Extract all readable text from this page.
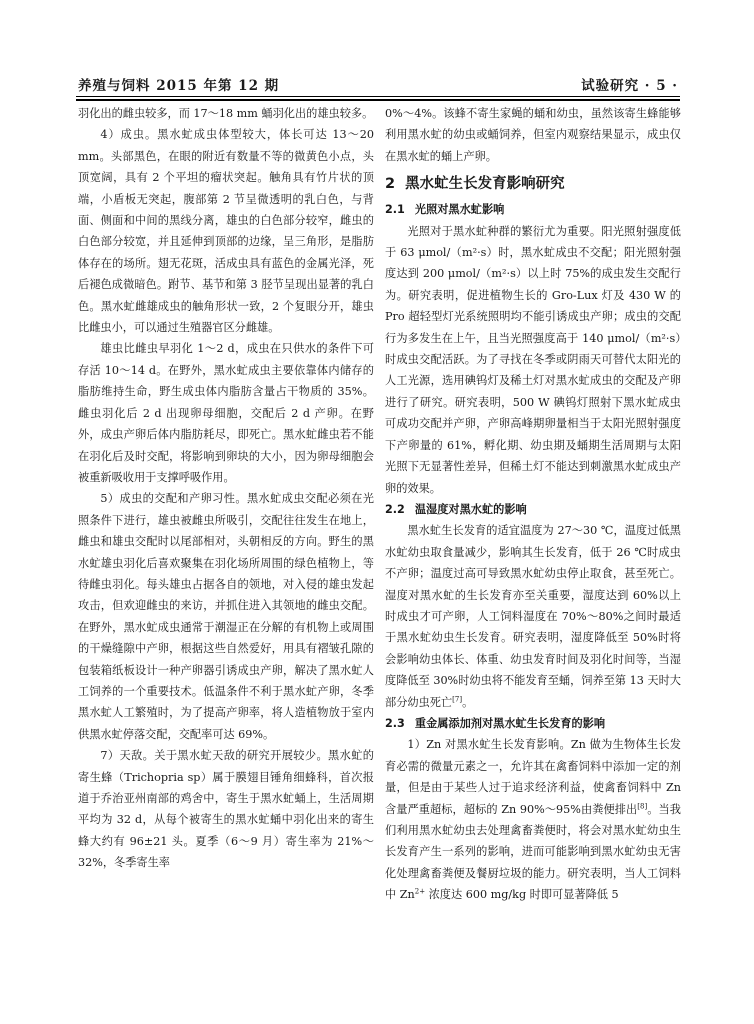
养殖与饲料 2015 年第 12 期	试验研究 · 5 ·

羽化出的雌虫较多，而 17～18 mm 蛹羽化出的雄虫较多。

4）成虫。黑水虻成虫体型较大，体长可达 13～20 mm。头部黑色，在眼的附近有数量不等的微黄色小点，头顶宽阔，具有 2 个平坦的瘤状突起。触角具有竹片状的顶端，小盾板无突起，腹部第 2 节呈微透明的乳白色，与背面、侧面和中间的黑线分离，雄虫的白色部分较窄，雌虫的白色部分较宽，并且延伸到顶部的边缘，呈三角形，是脂肪体存在的场所。翅无花斑，活成虫具有蓝色的金属光泽，死后褪色成微暗色。跗节、基节和第 3 胫节呈现出显著的乳白色。黑水虻雌雄成虫的触角形状一致，2 个复眼分开，雄虫比雌虫小，可以通过生殖器官区分雌雄。

雄虫比雌虫早羽化 1～2 d，成虫在只供水的条件下可存活 10～14 d。在野外，黑水虻成虫主要依靠体内储存的脂肪维持生命，野生成虫体内脂肪含量占干物质的 35%。雌虫羽化后 2 d 出现卵母细胞，交配后 2 d 产卵。在野外，成虫产卵后体内脂肪耗尽，即死亡。黑水虻雌虫若不能在羽化后及时交配，将影响到卵块的大小，因为卵母细胞会被重新吸收用于支撑呼吸作用。

5）成虫的交配和产卵习性。黑水虻成虫交配必须在光照条件下进行，雄虫被雌虫所吸引，交配往往发生在地上，雌虫和雄虫交配时以尾部相对，头朝相反的方向。野生的黑水虻雄虫羽化后喜欢聚集在羽化场所周围的绿色植物上，等待雌虫羽化。每头雄虫占据各自的领地，对入侵的雄虫发起攻击，但欢迎雌虫的来访，并抓住进入其领地的雌虫交配。在野外，黑水虻成虫通常于潮湿正在分解的有机物上或周围的干燥缝隙中产卵，根据这些自然爱好，用具有褶皱孔隙的包装箱纸板设计一种产卵器引诱成虫产卵，解决了黑水虻人工饲养的一个重要技术。低温条件不利于黑水虻产卵，冬季黑水虻人工繁殖时，为了提高产卵率，将人造植物放于室内供黑水虻停落交配，交配率可达 69%。

7）天敌。关于黑水虻天敌的研究开展较少。黑水虻的寄生蜂（Trichopria sp）属于膜翅目锤角细蜂科，首次报道于乔治亚州南部的鸡舍中，寄生于黑水虻蛹上，生活周期平均为 32 d，从每个被寄生的黑水虻蛹中羽化出来的寄生蜂大约有 96±21 头。夏季（6～9 月）寄生率为 21%～32%，冬季寄生率

0%～4%。该蜂不寄生家蝇的蛹和幼虫，虽然该寄生蜂能够利用黑水虻的幼虫或蛹饲养，但室内观察结果显示，成虫仅在黑水虻的蛹上产卵。

2 黑水虻生长发育影响研究
2.1 光照对黑水虻影响

光照对于黑水虻种群的繁衍尤为重要。阳光照射强度低于 63 μmol/（m²·s）时，黑水虻成虫不交配；阳光照射强度达到 200 μmol/（m²·s）以上时 75%的成虫发生交配行为。研究表明，促进植物生长的 Gro-Lux 灯及 430 W 的 Pro 超轻型灯光系统照明均不能引诱成虫产卵；成虫的交配行为多发生在上午，且当光照强度高于 140 μmol/（m²·s）时成虫交配活跃。为了寻找在冬季或阴雨天可替代太阳光的人工光源，选用碘钨灯及稀土灯对黑水虻成虫的交配及产卵进行了研究。研究表明，500 W 碘钨灯照射下黑水虻成虫可成功交配并产卵，产卵高峰期卵量相当于太阳光照射强度下产卵量的 61%，孵化期、幼虫期及蛹期生活周期与太阳光照下无显著性差异，但稀土灯不能达到刺激黑水虻成虫产卵的效果。

2.2 温湿度对黑水虻的影响

黑水虻生长发育的适宜温度为 27～30 ℃，温度过低黑水虻幼虫取食量减少，影响其生长发育，低于 26 ℃时成虫不产卵；温度过高可导致黑水虻幼虫停止取食，甚至死亡。湿度对黑水虻的生长发育亦至关重要，湿度达到 60%以上时成虫才可产卵，人工饲料湿度在 70%～80%之间时最适于黑水虻幼虫生长发育。研究表明，湿度降低至 50%时将会影响幼虫体长、体重、幼虫发育时间及羽化时间等，当湿度降低至 30%时幼虫将不能发育至蛹，饲养至第 13 天时大部分幼虫死亡[7]。

2.3 重金属添加剂对黑水虻生长发育的影响

1）Zn 对黑水虻生长发育影响。Zn 做为生物体生长发育必需的微量元素之一，允许其在禽畜饲料中添加一定的剂量，但是由于某些人过于追求经济利益，使禽畜饲料中 Zn 含量严重超标，超标的 Zn 90%～95%由粪便排出[8]。当我们利用黑水虻幼虫去处理禽畜粪便时，将会对黑水虻幼虫生长发育产生一系列的影响，进而可能影响到黑水虻幼虫无害化处理禽畜粪便及餐厨垃圾的能力。研究表明，当人工饲料中 $Zn^{2+}$ 浓度达 600 mg/kg 时即可显著降低 5
